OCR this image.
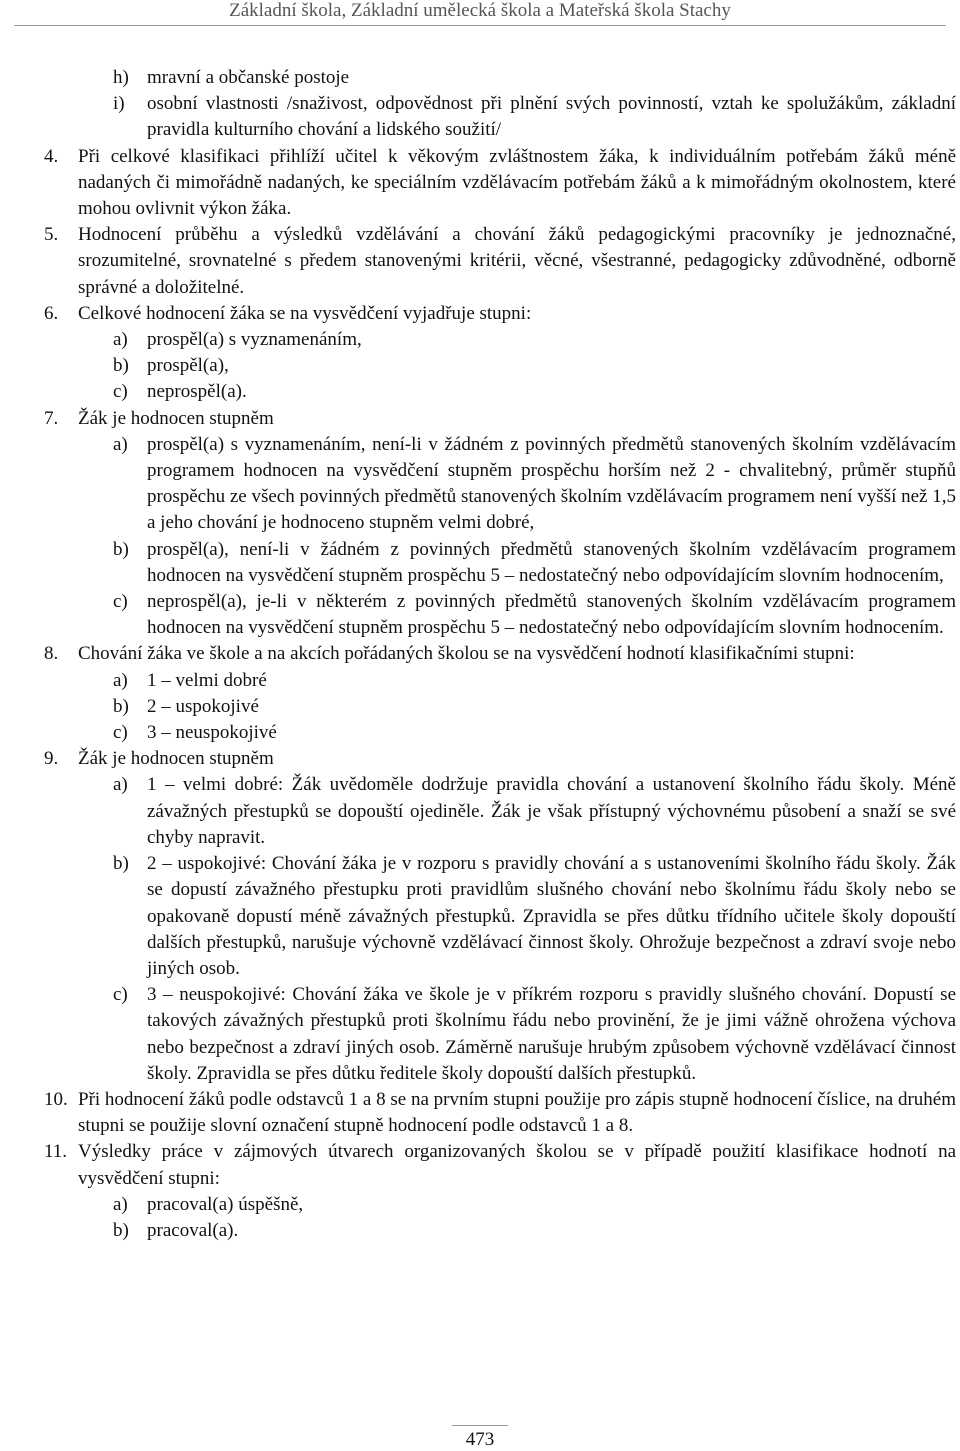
Základní škola, Základní umělecká škola a Mateřská škola Stachy
h) mravní a občanské postoje
i) osobní vlastnosti /snaživost, odpovědnost při plnění svých povinností, vztah ke spolužákům, základní pravidla kulturního chování a lidského soužití/
4. Při celkové klasifikaci přihlíží učitel k věkovým zvláštnostem žáka, k individuálním potřebám žáků méně nadaných či mimořádně nadaných, ke speciálním vzdělávacím potřebám žáků a k mimořádným okolnostem, které mohou ovlivnit výkon žáka.
5. Hodnocení průběhu a výsledků vzdělávání a chování žáků pedagogickými pracovníky je jednoznačné, srozumitelné, srovnatelné s předem stanovenými kritérii, věcné, všestranné, pedagogicky zdůvodněné, odborně správné a doložitelné.
6. Celkové hodnocení žáka se na vysvědčení vyjadřuje stupni:
a) prospěl(a) s vyznamenáním,
b) prospěl(a),
c) neprospěl(a).
7. Žák je hodnocen stupněm
a) prospěl(a) s vyznamenáním, není-li v žádném z povinných předmětů stanovených školním vzdělávacím programem hodnocen na vysvědčení stupněm prospěchu horším než 2 - chvalitebný, průměr stupňů prospěchu ze všech povinných předmětů stanovených školním vzdělávacím programem není vyšší než 1,5 a jeho chování je hodnoceno stupněm velmi dobré,
b) prospěl(a), není-li v žádném z povinných předmětů stanovených školním vzdělávacím programem hodnocen na vysvědčení stupněm prospěchu 5 – nedostatečný nebo odpovídajícím slovním hodnocením,
c) neprospěl(a), je-li v některém z povinných předmětů stanovených školním vzdělávacím programem hodnocen na vysvědčení stupněm prospěchu 5 – nedostatečný nebo odpovídajícím slovním hodnocením.
8. Chování žáka ve škole a na akcích pořádaných školou se na vysvědčení hodnotí klasifikačními stupni:
a) 1 – velmi dobré
b) 2 – uspokojivé
c) 3 – neuspokojivé
9. Žák je hodnocen stupněm
a) 1 – velmi dobré: Žák uvědoměle dodržuje pravidla chování a ustanovení školního řádu školy. Méně závažných přestupků se dopouští ojediněle. Žák je však přístupný výchovnému působení a snaží se své chyby napravit.
b) 2 – uspokojivé: Chování žáka je v rozporu s pravidly chování a s ustanoveními školního řádu školy. Žák se dopustí závažného přestupku proti pravidlům slušného chování nebo školnímu řádu školy nebo se opakovaně dopustí méně závažných přestupků. Zpravidla se přes důtku třídního učitele školy dopouští dalších přestupků, narušuje výchovně vzdělávací činnost školy. Ohrožuje bezpečnost a zdraví svoje nebo jiných osob.
c) 3 – neuspokojivé: Chování žáka ve škole je v příkrém rozporu s pravidly slušného chování. Dopustí se takových závažných přestupků proti školnímu řádu nebo provinění, že je jimi vážně ohrožena výchova nebo bezpečnost a zdraví jiných osob. Záměrně narušuje hrubým způsobem výchovně vzdělávací činnost školy. Zpravidla se přes důtku ředitele školy dopouští dalších přestupků.
10. Při hodnocení žáků podle odstavců 1 a 8 se na prvním stupni použije pro zápis stupně hodnocení číslice, na druhém stupni se použije slovní označení stupně hodnocení podle odstavců 1 a 8.
11. Výsledky práce v zájmových útvarech organizovaných školou se v případě použití klasifikace hodnotí na vysvědčení stupni:
a) pracoval(a) úspěšně,
b) pracoval(a).
473
